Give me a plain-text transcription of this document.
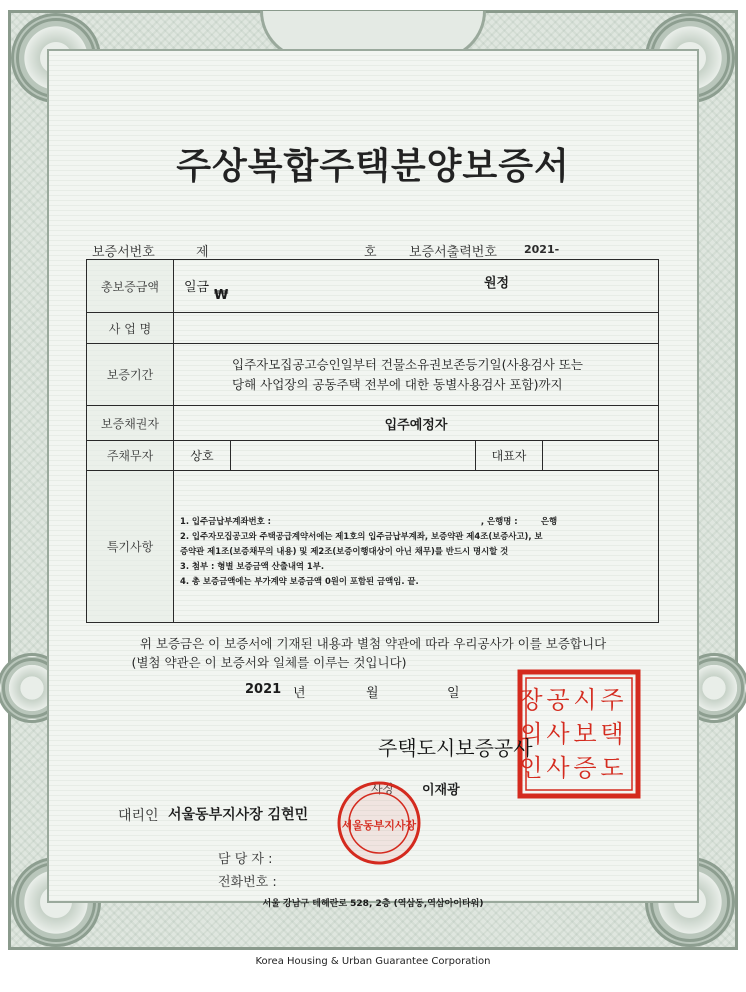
주상복합주택분양보증서
보증서번호	제	호 보증서출력번호 2021-
총보증금액	일금
₩
원정			

사 업 명				
보증기간	입주자모집공고승인일부터 건물소유권보존등기일(사용검사 또는
당해 사업장의 공동주택 전부에 대한 동별사용검사 포함)까지			

보증채권자	입주예정자			
주채무자	상호		대표자	
특기사항	1. 입주금납부계좌번호 :                                                                        , 은행명 :        은행
2. 입주자모집공고와 주택공급계약서에는 제1호의 입주금납부계좌, 보증약관 제4조(보증사고), 보
증약관 제1조(보증채무의 내용) 및 제2조(보증이행대상이 아닌 채무)를 반드시 명시할 것
3. 첨부 : 형별 보증금액 산출내역 1부.
4. 총 보증금액에는 부가계약 보증금액 0원이 포함된 금액임. 끝.			
위 보증금은 이 보증서에 기재된 내용과 별첨 약관에 따라 우리공사가 이를 보증합니다
(별첨 약관은 이 보증서와 일체를 이루는 것입니다)
2021 년	월	일	주
택
도
시
보
증
공
사
사
장
의
인
주택도시보증공사
이재광
대리인 서울동부지사장 김현민
서울동부지사장
담 당 자 :
전화번호 :
서울 강남구 테헤란로 528, 2층 (역삼동,역삼아이타워)
Korea Housing & Urban Guarantee Corporation
